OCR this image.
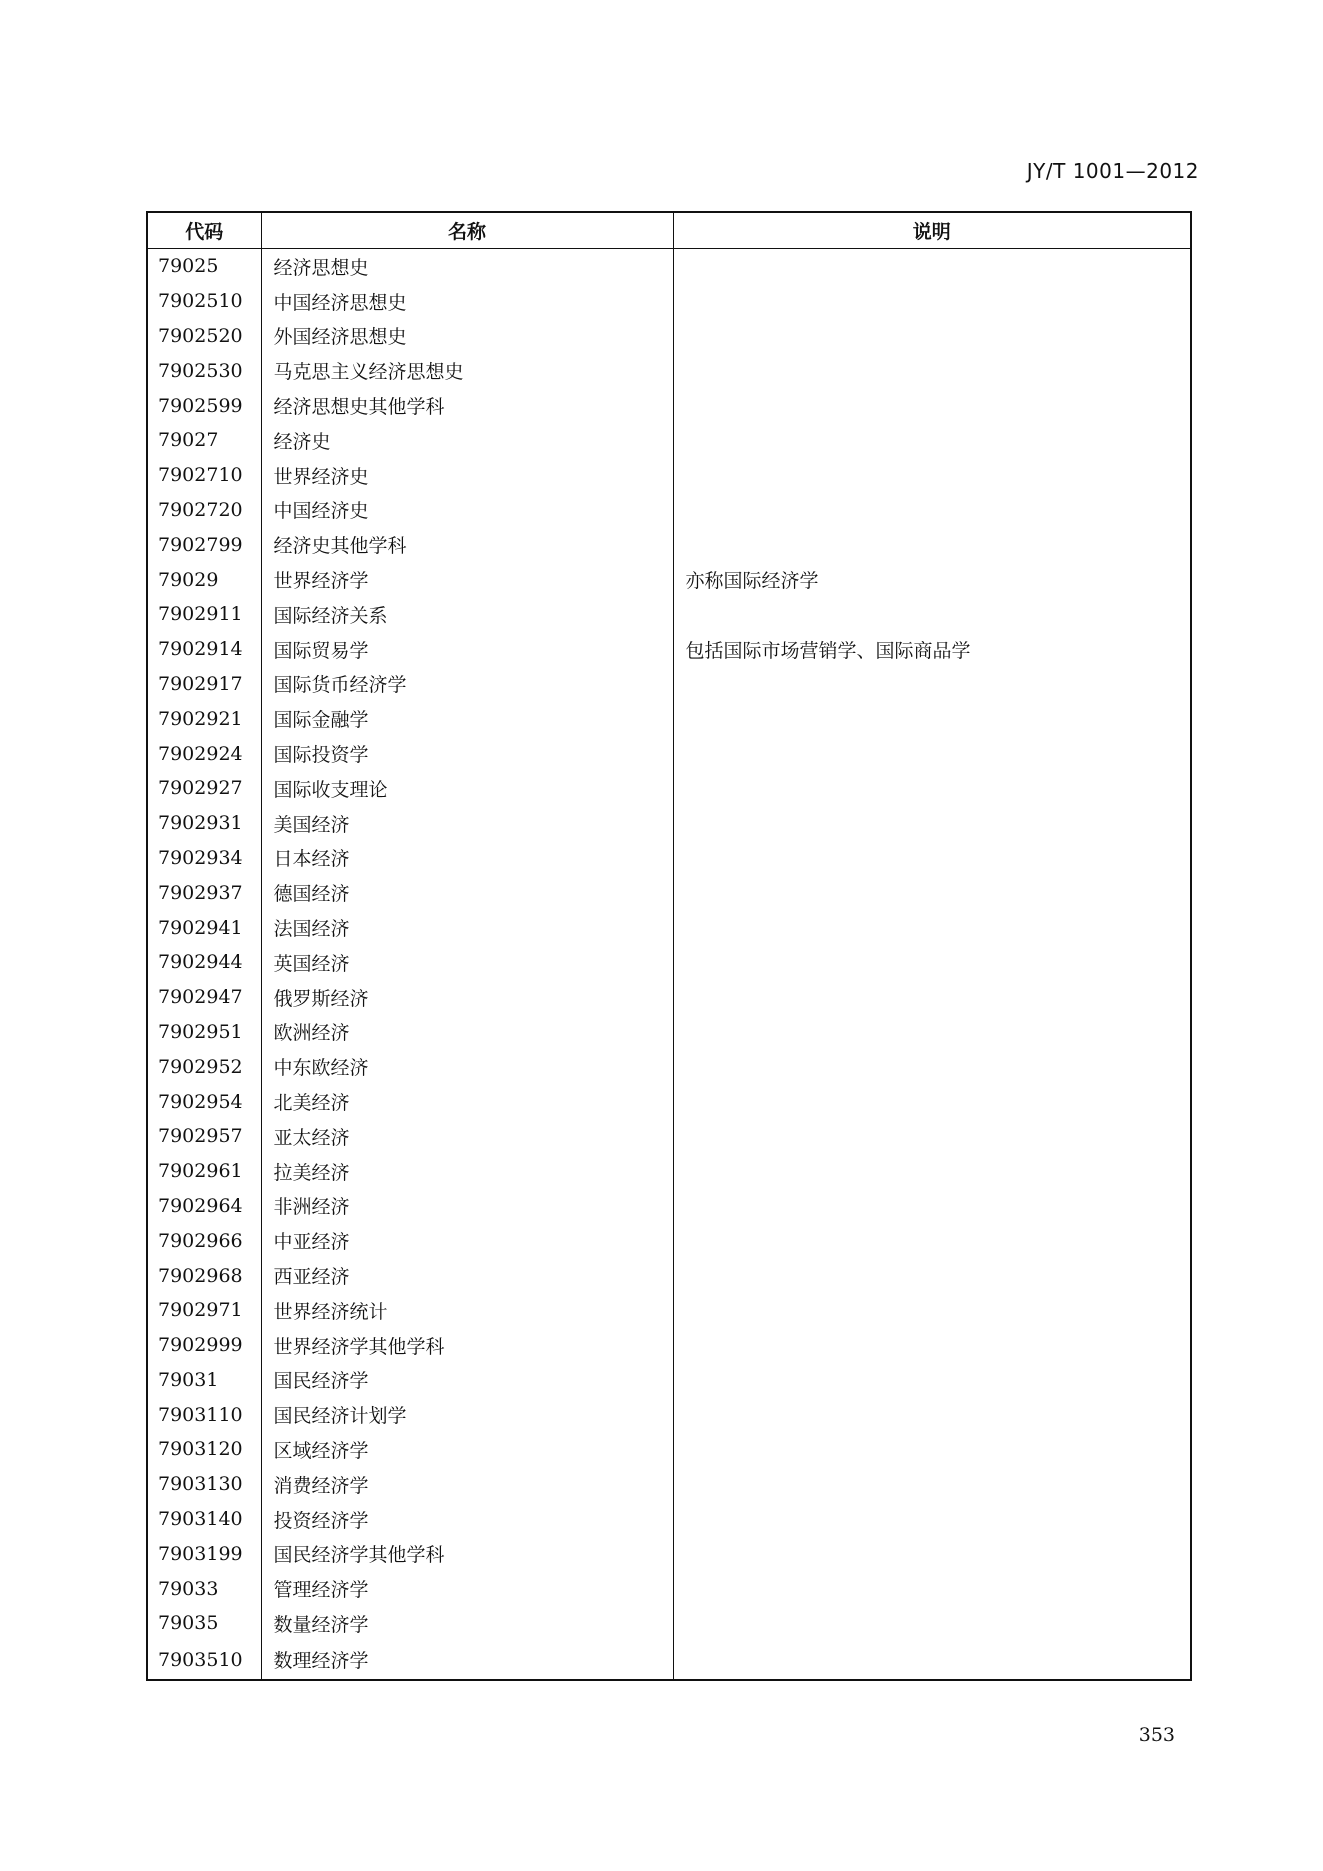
JY/T 1001—2012
代码	名称	说明
79025	经济思想史	
7902510	中国经济思想史	
7902520	外国经济思想史	
7902530	马克思主义经济思想史	
7902599	经济思想史其他学科	
79027	经济史	
7902710	世界经济史	
7902720	中国经济史	
7902799	经济史其他学科	
79029	世界经济学	亦称国际经济学
7902911	国际经济关系	
7902914	国际贸易学	包括国际市场营销学、国际商品学
7902917	国际货币经济学	
7902921	国际金融学	
7902924	国际投资学	
7902927	国际收支理论	
7902931	美国经济	
7902934	日本经济	
7902937	德国经济	
7902941	法国经济	
7902944	英国经济	
7902947	俄罗斯经济	
7902951	欧洲经济	
7902952	中东欧经济	
7902954	北美经济	
7902957	亚太经济	
7902961	拉美经济	
7902964	非洲经济	
7902966	中亚经济	
7902968	西亚经济	
7902971	世界经济统计	
7902999	世界经济学其他学科	
79031	国民经济学	
7903110	国民经济计划学	
7903120	区域经济学	
7903130	消费经济学	
7903140	投资经济学	
7903199	国民经济学其他学科	
79033	管理经济学	
79035	数量经济学	
7903510	数理经济学	
353
